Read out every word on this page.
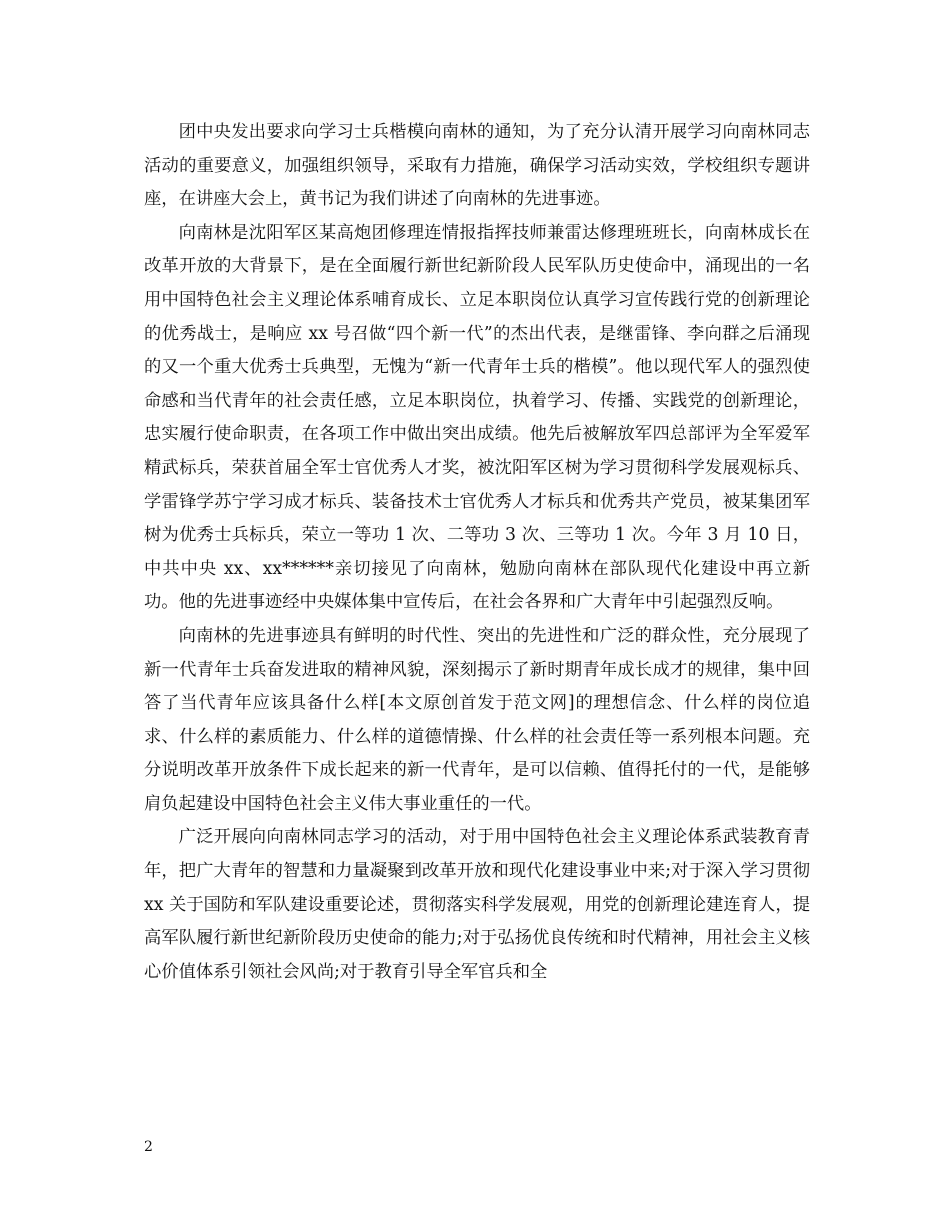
团中央发出要求向学习士兵楷模向南林的通知，为了充分认清开展学习向南林同志活动的重要意义，加强组织领导，采取有力措施，确保学习活动实效，学校组织专题讲座，在讲座大会上，黄书记为我们讲述了向南林的先进事迹。

向南林是沈阳军区某高炮团修理连情报指挥技师兼雷达修理班班长，向南林成长在改革开放的大背景下，是在全面履行新世纪新阶段人民军队历史使命中，涌现出的一名用中国特色社会主义理论体系哺育成长、立足本职岗位认真学习宣传践行党的创新理论的优秀战士，是响应 xx 号召做“四个新一代”的杰出代表，是继雷锋、李向群之后涌现的又一个重大优秀士兵典型，无愧为“新一代青年士兵的楷模”。他以现代军人的强烈使命感和当代青年的社会责任感，立足本职岗位，执着学习、传播、实践党的创新理论，忠实履行使命职责，在各项工作中做出突出成绩。他先后被解放军四总部评为全军爱军精武标兵，荣获首届全军士官优秀人才奖，被沈阳军区树为学习贯彻科学发展观标兵、学雷锋学苏宁学习成才标兵、装备技术士官优秀人才标兵和优秀共产党员，被某集团军树为优秀士兵标兵，荣立一等功 1 次、二等功 3 次、三等功 1 次。今年 3 月 10 日，中共中央 xx、xx******亲切接见了向南林，勉励向南林在部队现代化建设中再立新功。他的先进事迹经中央媒体集中宣传后，在社会各界和广大青年中引起强烈反响。

向南林的先进事迹具有鲜明的时代性、突出的先进性和广泛的群众性，充分展现了新一代青年士兵奋发进取的精神风貌，深刻揭示了新时期青年成长成才的规律，集中回答了当代青年应该具备什么样[本文原创首发于范文网]的理想信念、什么样的岗位追求、什么样的素质能力、什么样的道德情操、什么样的社会责任等一系列根本问题。充分说明改革开放条件下成长起来的新一代青年，是可以信赖、值得托付的一代，是能够肩负起建设中国特色社会主义伟大事业重任的一代。

广泛开展向向南林同志学习的活动，对于用中国特色社会主义理论体系武装教育青年，把广大青年的智慧和力量凝聚到改革开放和现代化建设事业中来;对于深入学习贯彻 xx 关于国防和军队建设重要论述，贯彻落实科学发展观，用党的创新理论建连育人，提高军队履行新世纪新阶段历史使命的能力;对于弘扬优良传统和时代精神，用社会主义核心价值体系引领社会风尚;对于教育引导全军官兵和全

2
